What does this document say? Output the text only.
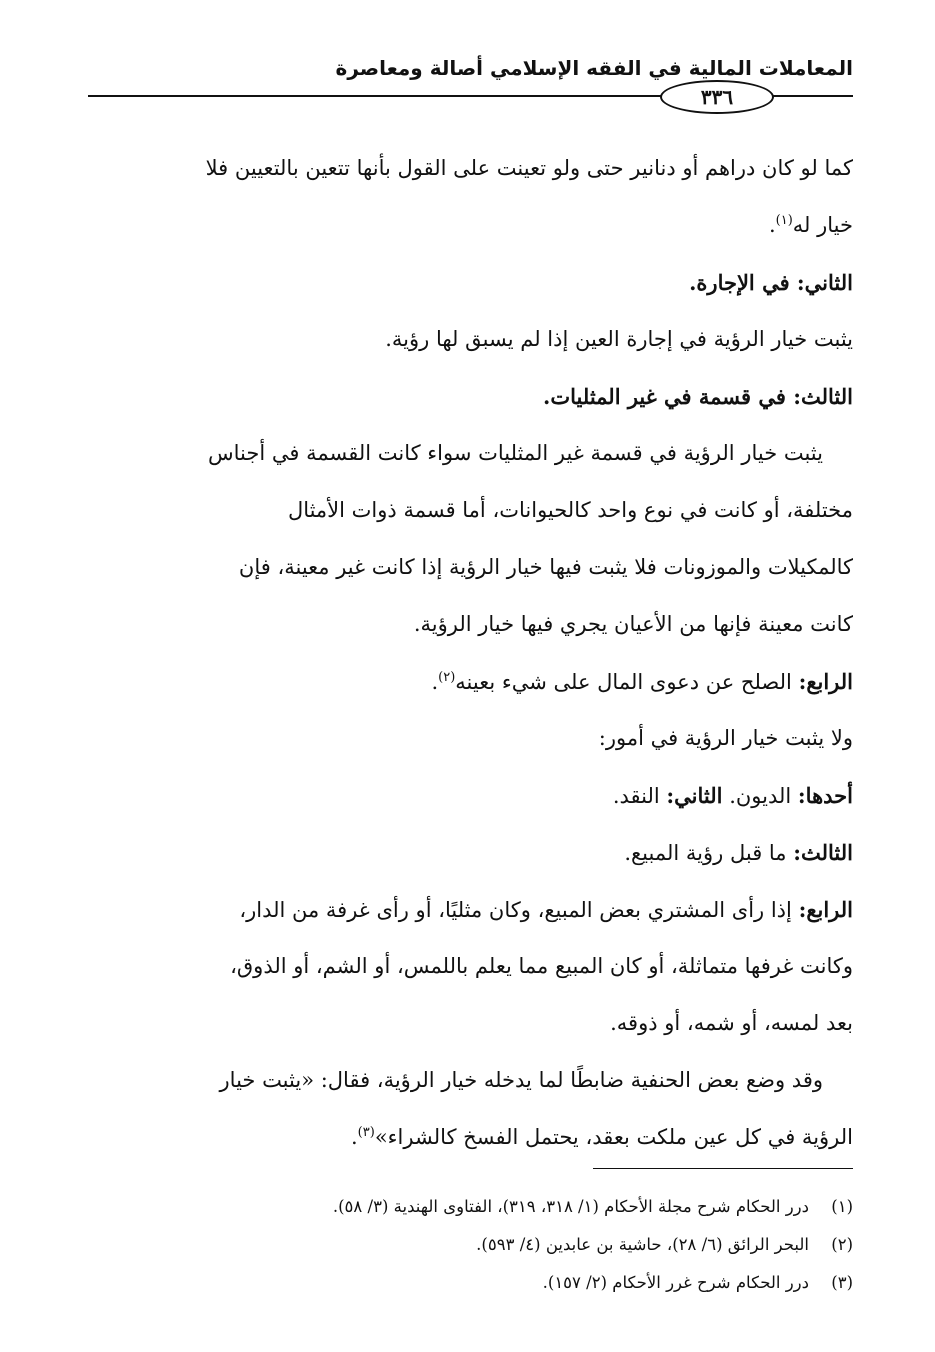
المعاملات المالية في الفقه الإسلامي أصالة ومعاصرة
٣٣٦
كما لو كان دراهم أو دنانير حتى ولو تعينت على القول بأنها تتعين بالتعيين فلا
خيار له$^{(١)}$.
الثاني: في الإجارة.
يثبت خيار الرؤية في إجارة العين إذا لم يسبق لها رؤية.
الثالث: في قسمة في غير المثليات.
يثبت خيار الرؤية في قسمة غير المثليات سواء كانت القسمة في أجناس
مختلفة، أو كانت في نوع واحد كالحيوانات، أما قسمة ذوات الأمثال
كالمكيلات والموزونات فلا يثبت فيها خيار الرؤية إذا كانت غير معينة، فإن
كانت معينة فإنها من الأعيان يجري فيها خيار الرؤية.
الرابع: الصلح عن دعوى المال على شيء بعينه$^{(٢)}$.
ولا يثبت خيار الرؤية في أمور:
أحدها: الديون. الثاني: النقد.
الثالث: ما قبل رؤية المبيع.
الرابع: إذا رأى المشتري بعض المبيع، وكان مثليًا، أو رأى غرفة من الدار،
وكانت غرفها متماثلة، أو كان المبيع مما يعلم باللمس، أو الشم، أو الذوق،
بعد لمسه، أو شمه، أو ذوقه.
وقد وضع بعض الحنفية ضابطًا لما يدخله خيار الرؤية، فقال: «يثبت خيار
الرؤية في كل عين ملكت بعقد، يحتمل الفسخ كالشراء»$^{(٣)}$.
(١)درر الحكام شرح مجلة الأحكام (١/ ٣١٨، ٣١٩)، الفتاوى الهندية (٣/ ٥٨).
(٢)البحر الرائق (٦/ ٢٨)، حاشية بن عابدين (٤/ ٥٩٣).
(٣)درر الحكام شرح غرر الأحكام (٢/ ١٥٧).
